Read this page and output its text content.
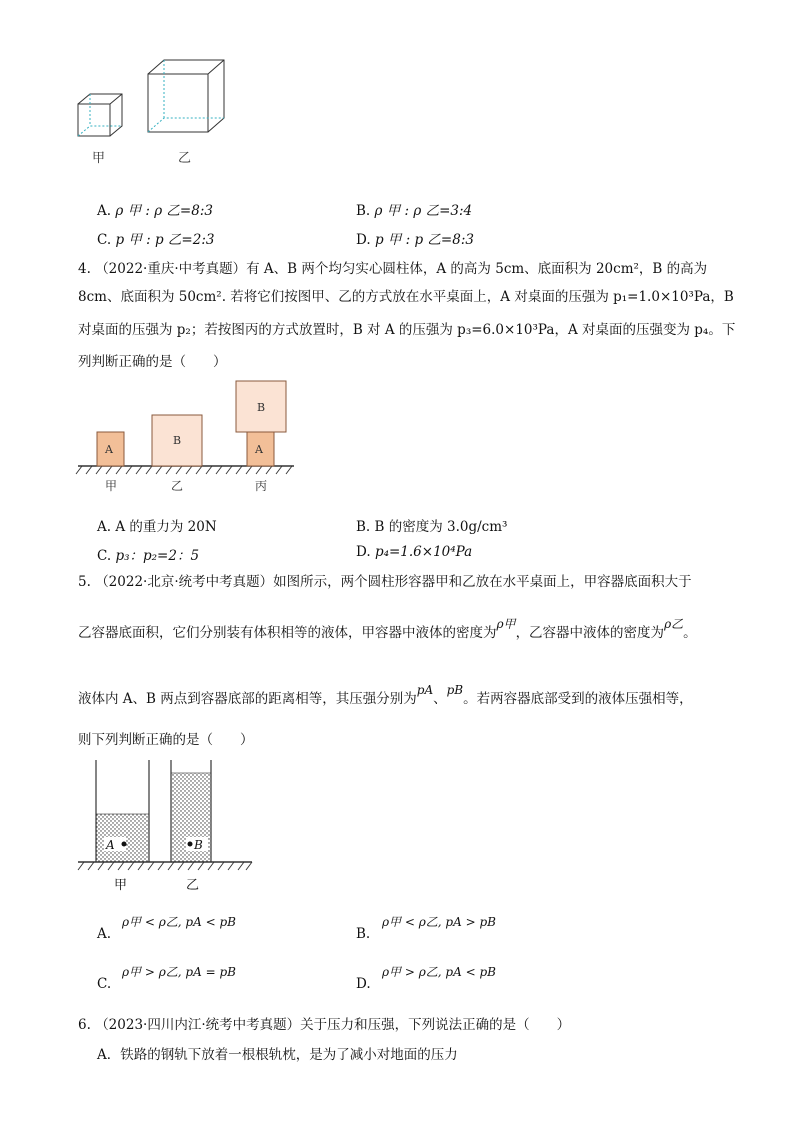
甲	乙
A. ρ 甲 : ρ 乙=8:3	B. ρ 甲 : ρ 乙=3:4
C. p 甲 : p 乙=2:3	D. p 甲 : p 乙=8:3
4. （2022·重庆·中考真题）有 A、B 两个均匀实心圆柱体，A 的高为 5cm、底面积为 20cm²，B 的高为
8cm、底面积为 50cm². 若将它们按图甲、乙的方式放在水平桌面上，A 对桌面的压强为 p₁=1.0×10³Pa，B
对桌面的压强为 p₂；若按图丙的方式放置时，B 对 A 的压强为 p₃=6.0×10³Pa，A 对桌面的压强变为 p₄。下
列判断正确的是（　　）
A
B
B
A
甲	乙	丙
A. A 的重力为 20N	B. B 的密度为 3.0g/cm³
C. p₃：p₂=2：5	D. p₄=1.6×10⁴Pa
5. （2022·北京·统考中考真题）如图所示，两个圆柱形容器甲和乙放在水平桌面上，甲容器底面积大于
乙容器底面积，它们分别装有体积相等的液体，甲容器中液体的密度为ρ甲，乙容器中液体的密度为ρ乙。
液体内 A、B 两点到容器底部的距离相等，其压强分别为pA、pB。若两容器底部受到的液体压强相等，
则下列判断正确的是（　　）
A	B
甲	乙
A.
ρ甲 < ρ乙, pA < pB
B.
ρ甲 < ρ乙, pA > pB
C.
ρ甲 > ρ乙, pA = pB
D.
ρ甲 > ρ乙, pA < pB
6. （2023·四川内江·统考中考真题）关于压力和压强，下列说法正确的是（　　）
A．铁路的钢轨下放着一根根轨枕，是为了减小对地面的压力
